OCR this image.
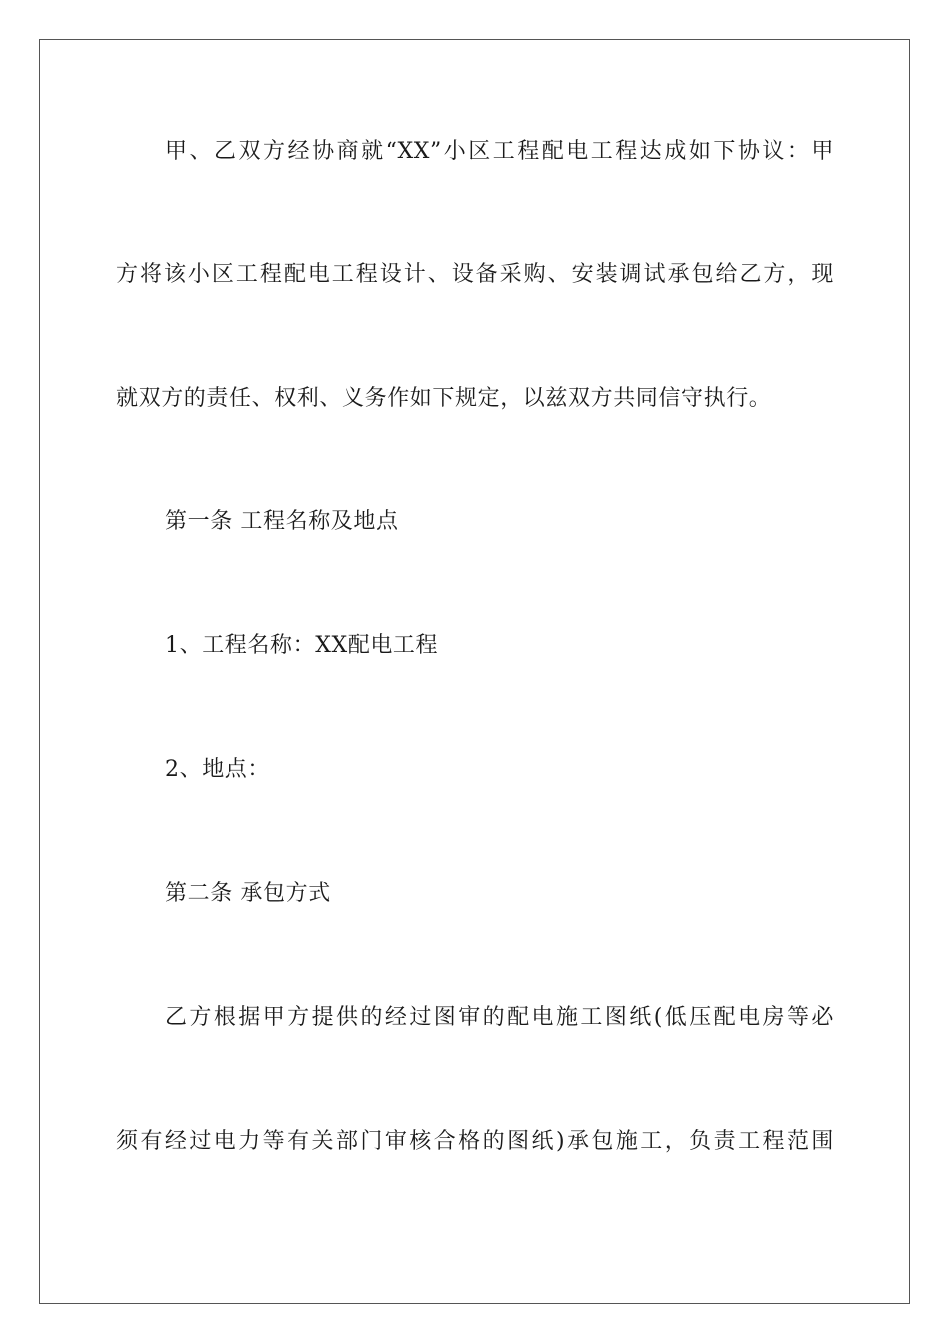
甲、乙双方经协商就“XX”小区工程配电工程达成如下协议：甲
方将该小区工程配电工程设计、设备采购、安装调试承包给乙方，现
就双方的责任、权利、义务作如下规定，以兹双方共同信守执行。
第一条 工程名称及地点
1、工程名称：XX配电工程
2、地点：
第二条 承包方式
乙方根据甲方提供的经过图审的配电施工图纸(低压配电房等必
须有经过电力等有关部门审核合格的图纸)承包施工，负责工程范围
